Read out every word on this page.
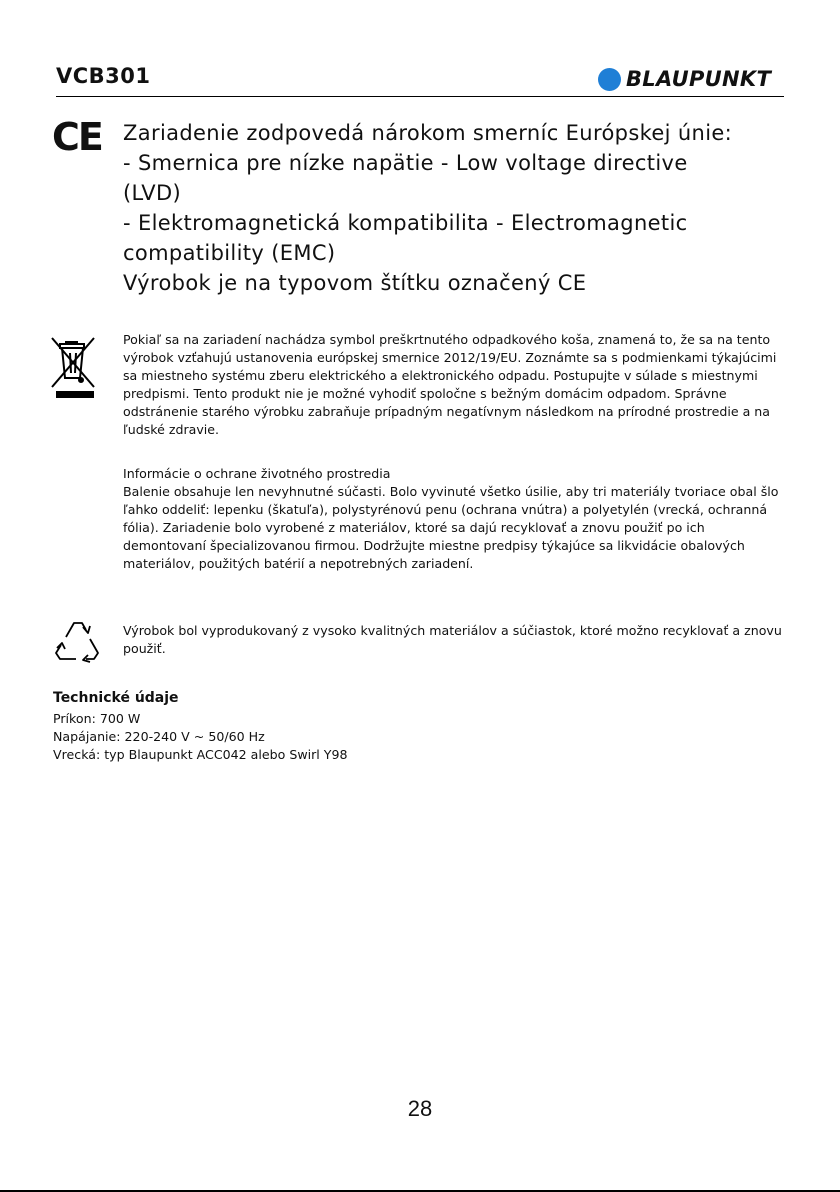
VCB301	BLAUPUNKT
CE Zariadenie zodpovedá nárokom smerníc Európskej únie:
- Smernica pre nízke napätie - Low voltage directive
(LVD)
- Elektromagnetická kompatibilita - Electromagnetic
compatibility (EMC)
Výrobok je na typovom štítku označený CE

Pokiaľ sa na zariadení nachádza symbol preškrtnutého odpadkového koša, znamená to, že sa na tento výrobok vzťahujú ustanovenia európskej smernice 2012/19/EU. Zoznámte sa s podmienkami týkajúcimi sa miestneho systému zberu elektrického a elektronického odpadu. Postupujte v súlade s miestnymi predpismi. Tento produkt nie je možné vyhodiť spoločne s bežným domácim odpadom. Správne odstránenie starého výrobku zabraňuje prípadným negatívnym následkom na prírodné prostredie a na ľudské zdravie.

Informácie o ochrane životného prostredia

Balenie obsahuje len nevyhnutné súčasti. Bolo vyvinuté všetko úsilie, aby tri materiály tvoriace obal šlo ľahko oddeliť: lepenku (škatuľa), polystyrénovú penu (ochrana vnútra) a polyetylén (vrecká, ochranná fólia). Zariadenie bolo vyrobené z materiálov, ktoré sa dajú recyklovať a znovu použiť po ich demontovaní špecializovanou firmou. Dodržujte miestne predpisy týkajúce sa likvidácie obalových materiálov, použitých batérií a nepotrebných zariadení.

Výrobok bol vyprodukovaný z vysoko kvalitných materiálov a súčiastok, ktoré možno recyklovať a znovu použiť.

Technické údaje
Príkon: 700 W
Napájanie: 220-240 V ~ 50/60 Hz
Vrecká: typ Blaupunkt ACC042 alebo Swirl Y98
28
